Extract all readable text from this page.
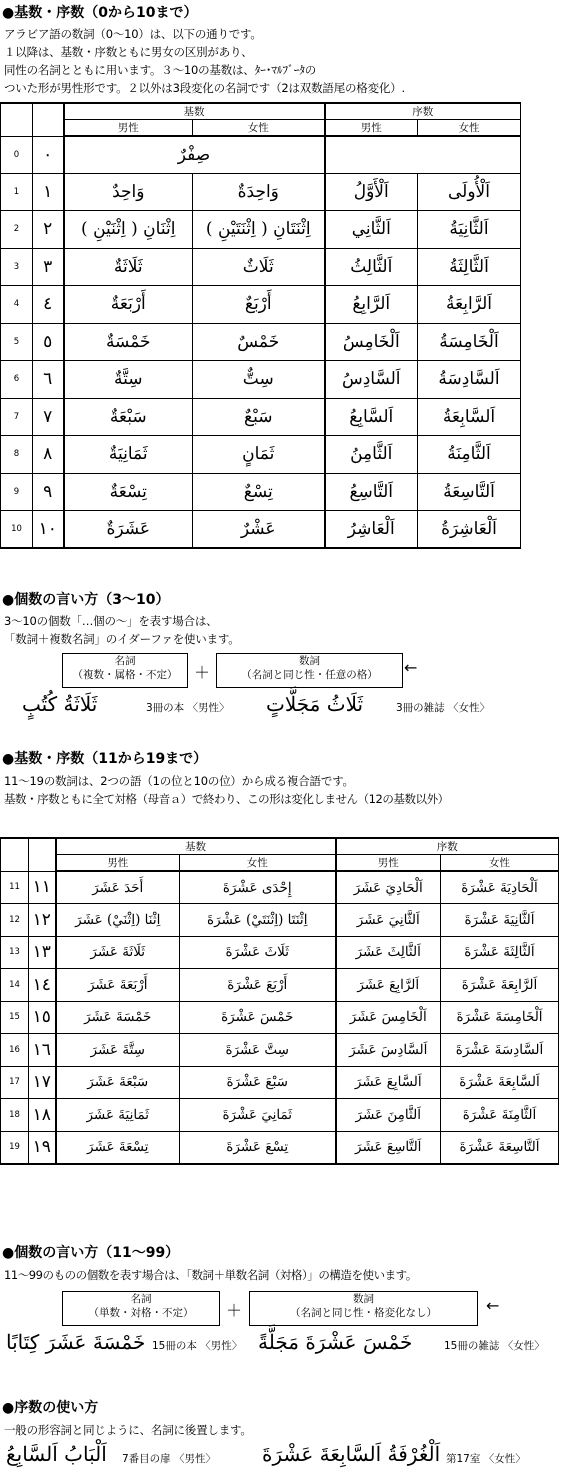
●基数・序数（0から10まで）
アラビア語の数詞（0～10）は、以下の通りです。
１以降は、基数・序数ともに男女の区別があり、
同性の名詞とともに用います。３～10の基数は、ﾀｰ･ﾏﾙﾌﾞｰﾀの
ついた形が男性形です。２以外は3段変化の名詞です（2は双数語尾の格変化）.
		基数		序数	
		男性	女性	男性	女性
0	٠	صِفْرٌ			
1	١	وَاحِدٌ	وَاحِدَةٌ	اَلْأَوَّلُ	اَلْأُولَى
2	٢	اِثْنَانِ ( اِثْنَيْنِ )	اِثْنَتَانِ ( اِثْنَتَيْنِ )	اَلثَّانِي	اَلثَّانِيَةُ
3	٣	ثَلَاثَةٌ	ثَلَاثٌ	اَلثَّالِثُ	اَلثَّالِثَةُ
4	٤	أَرْبَعَةٌ	أَرْبَعٌ	اَلرَّابِعُ	اَلرَّابِعَةُ
5	٥	خَمْسَةٌ	خَمْسٌ	اَلْخَامِسُ	اَلْخَامِسَةُ
6	٦	سِتَّةٌ	سِتٌّ	اَلسَّادِسُ	اَلسَّادِسَةُ
7	٧	سَبْعَةٌ	سَبْعٌ	اَلسَّابِعُ	اَلسَّابِعَةُ
8	٨	ثَمَانِيَةٌ	ثَمَانٍ	اَلثَّامِنُ	اَلثَّامِنَةُ
9	٩	تِسْعَةٌ	تِسْعٌ	اَلتَّاسِعُ	اَلتَّاسِعَةُ
10	١٠	عَشَرَةٌ	عَشْرٌ	اَلْعَاشِرُ	اَلْعَاشِرَةُ
●個数の言い方（3～10）
3～10の個数「…個の～」を表す場合は、
「数詞＋複数名詞」のイダーファを使います。
名詞
（複数・属格・不定）	＋
数詞
（名詞と同じ性・任意の格）	←
ثَلَاثَةُ كُتُبٍ	3冊の本 〈男性〉 ثَلَاثُ مَجَلَّاتٍ	3冊の雑誌 〈女性〉
●基数・序数（11から19まで）
11～19の数詞は、2つの語（1の位と10の位）から成る複合語です。
基数・序数ともに全て対格（母音ａ）で終わり、この形は変化しません（12の基数以外）
		基数		序数	
		男性	女性	男性	女性
11	١١	أَحَدَ عَشَرَ	إِحْدَى عَشْرَةَ	اَلْحَادِيَ عَشَرَ	اَلْحَادِيَةَ عَشْرَةَ
12	١٢	اِثْنَا (اِثْنَيْ) عَشَرَ	اِثْنَتَا (اِثْنَتَيْ) عَشْرَةَ	اَلثَّانِيَ عَشَرَ	اَلثَّانِيَةَ عَشْرَةَ
13	١٣	ثَلَاثَةَ عَشَرَ	ثَلَاثَ عَشْرَةَ	اَلثَّالِثَ عَشَرَ	اَلثَّالِثَةَ عَشْرَةَ
14	١٤	أَرْبَعَةَ عَشَرَ	أَرْبَعَ عَشْرَةَ	اَلرَّابِعَ عَشَرَ	اَلرَّابِعَةَ عَشْرَةَ
15	١٥	خَمْسَةَ عَشَرَ	خَمْسَ عَشْرَةَ	اَلْخَامِسَ عَشَرَ	اَلْخَامِسَةَ عَشْرَةَ
16	١٦	سِتَّةَ عَشَرَ	سِتَّ عَشْرَةَ	اَلسَّادِسَ عَشَرَ	اَلسَّادِسَةَ عَشْرَةَ
17	١٧	سَبْعَةَ عَشَرَ	سَبْعَ عَشْرَةَ	اَلسَّابِعَ عَشَرَ	اَلسَّابِعَةَ عَشْرَةَ
18	١٨	ثَمَانِيَةَ عَشَرَ	ثَمَانِيَ عَشْرَةَ	اَلثَّامِنَ عَشَرَ	اَلثَّامِنَةَ عَشْرَةَ
19	١٩	تِسْعَةَ عَشَرَ	تِسْعَ عَشْرَةَ	اَلتَّاسِعَ عَشَرَ	اَلتَّاسِعَةَ عَشْرَةَ
●個数の言い方（11～99）
11～99のものの個数を表す場合は、「数詞＋単数名詞（対格）」の構造を使います。
名詞
（単数・対格・不定）	＋
数詞
（名詞と同じ性・格変化なし）	←
خَمْسَةَ عَشَرَ كِتَابًا 15冊の本 〈男性〉 خَمْسَ عَشْرَةَ مَجَلَّةً	15冊の雑誌 〈女性〉
●序数の使い方
一般の形容詞と同じように、名詞に後置します。
اَلْبَابُ اَلسَّابِعُ 7番目の扉 〈男性〉 اَلْغُرْفَةُ اَلسَّابِعَةَ عَشْرَةَ 第17室 〈女性〉
